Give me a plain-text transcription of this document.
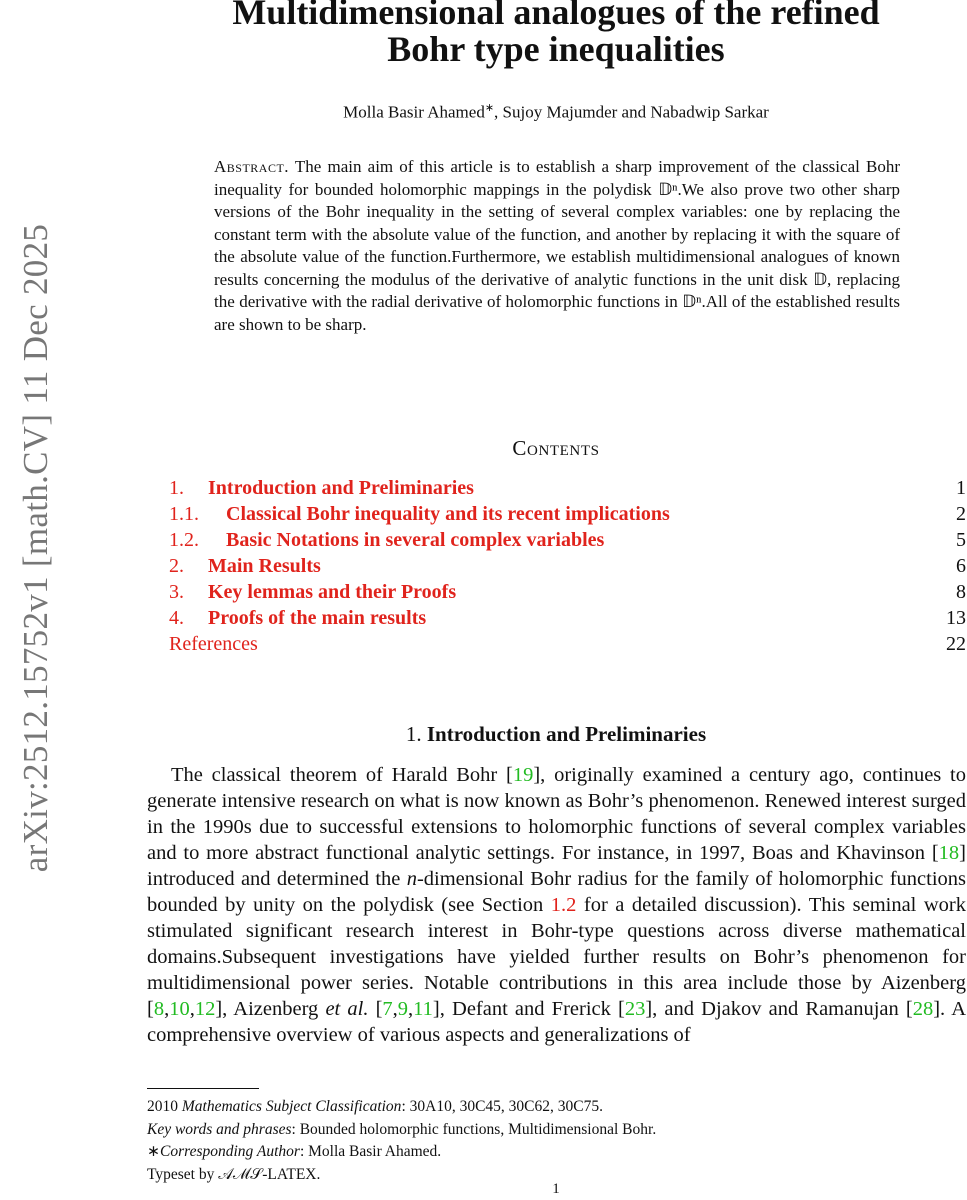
arXiv:2512.15752v1 [math.CV] 11 Dec 2025
Multidimensional analogues of the refined
Bohr type inequalities
Molla Basir Ahamed∗, Sujoy Majumder and Nabadwip Sarkar
Abstract. The main aim of this article is to establish a sharp improvement of the classical Bohr inequality for bounded holomorphic mappings in the polydisk 𝔻ⁿ.We also prove two other sharp versions of the Bohr inequality in the setting of several complex variables: one by replacing the constant term with the absolute value of the function, and another by replacing it with the square of the absolute value of the function.Furthermore, we establish multidimensional analogues of known results concerning the modulus of the derivative of analytic functions in the unit disk 𝔻, replacing the derivative with the radial derivative of holomorphic functions in 𝔻ⁿ.All of the established results are shown to be sharp.
Contents
1. Introduction and Preliminaries	1
1.1. Classical Bohr inequality and its recent implications	2
1.2. Basic Notations in several complex variables	5
2. Main Results	6
3. Key lemmas and their Proofs	8
4. Proofs of the main results	13
References	22
1. Introduction and Preliminaries

The classical theorem of Harald Bohr [19], originally examined a century ago, continues to generate intensive research on what is now known as Bohr’s phenomenon. Renewed interest surged in the 1990s due to successful extensions to holomorphic functions of several complex variables and to more abstract functional analytic settings. For instance, in 1997, Boas and Khavinson [18] introduced and determined the n-dimensional Bohr radius for the family of holomorphic functions bounded by unity on the polydisk (see Section 1.2 for a detailed discussion). This seminal work stimulated significant research interest in Bohr-type questions across diverse mathematical domains.Subsequent investigations have yielded further results on Bohr’s phenomenon for multidimensional power series. Notable contributions in this area include those by Aizenberg [8,10,12], Aizenberg et al. [7,9,11], Defant and Frerick [23], and Djakov and Ramanujan [28]. A comprehensive overview of various aspects and generalizations of

2010 Mathematics Subject Classification: 30A10, 30C45, 30C62, 30C75.
Key words and phrases: Bounded holomorphic functions, Multidimensional Bohr.
∗Corresponding Author: Molla Basir Ahamed.
Typeset by 𝒜ℳ𝒮-LATEX.
1
